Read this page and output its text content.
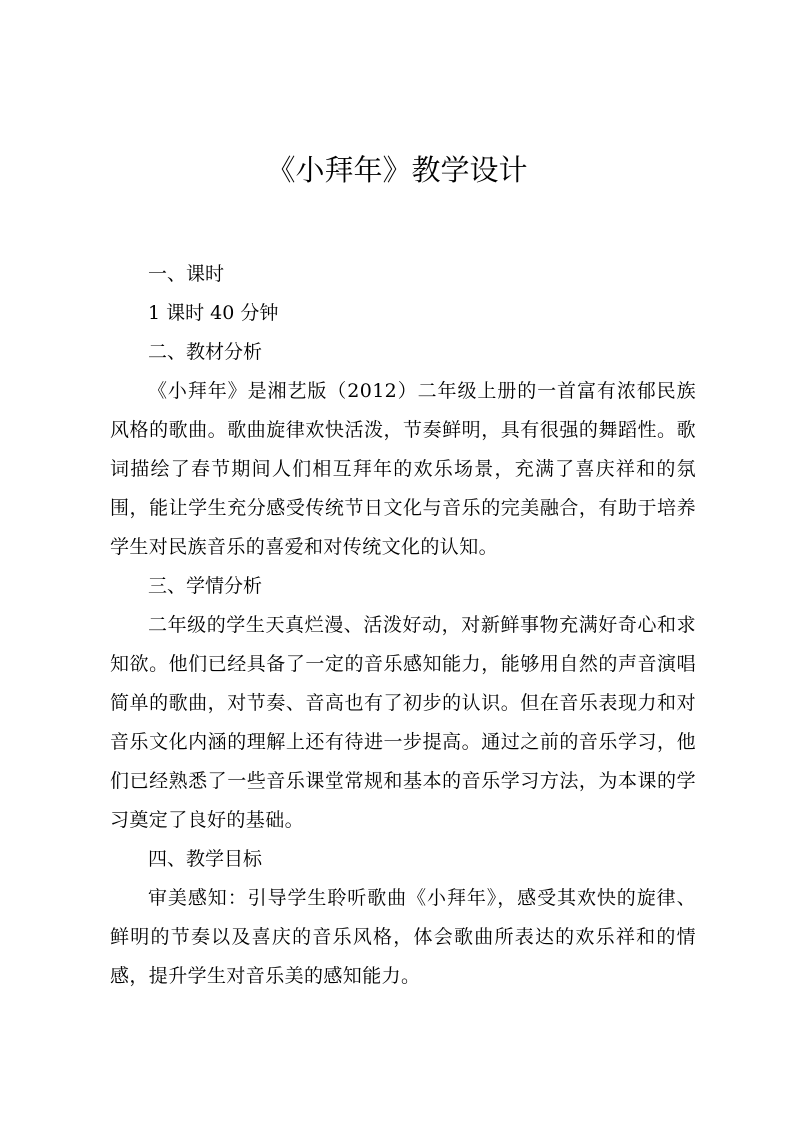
《小拜年》教学设计
一、课时

1 课时 40 分钟

二、教材分析

《小拜年》是湘艺版（2012）二年级上册的一首富有浓郁民族风格的歌曲。歌曲旋律欢快活泼，节奏鲜明，具有很强的舞蹈性。歌词描绘了春节期间人们相互拜年的欢乐场景，充满了喜庆祥和的氛围，能让学生充分感受传统节日文化与音乐的完美融合，有助于培养学生对民族音乐的喜爱和对传统文化的认知。

三、学情分析

二年级的学生天真烂漫、活泼好动，对新鲜事物充满好奇心和求知欲。他们已经具备了一定的音乐感知能力，能够用自然的声音演唱简单的歌曲，对节奏、音高也有了初步的认识。但在音乐表现力和对音乐文化内涵的理解上还有待进一步提高。通过之前的音乐学习，他们已经熟悉了一些音乐课堂常规和基本的音乐学习方法，为本课的学习奠定了良好的基础。

四、教学目标

审美感知：引导学生聆听歌曲《小拜年》，感受其欢快的旋律、鲜明的节奏以及喜庆的音乐风格，体会歌曲所表达的欢乐祥和的情感，提升学生对音乐美的感知能力。
